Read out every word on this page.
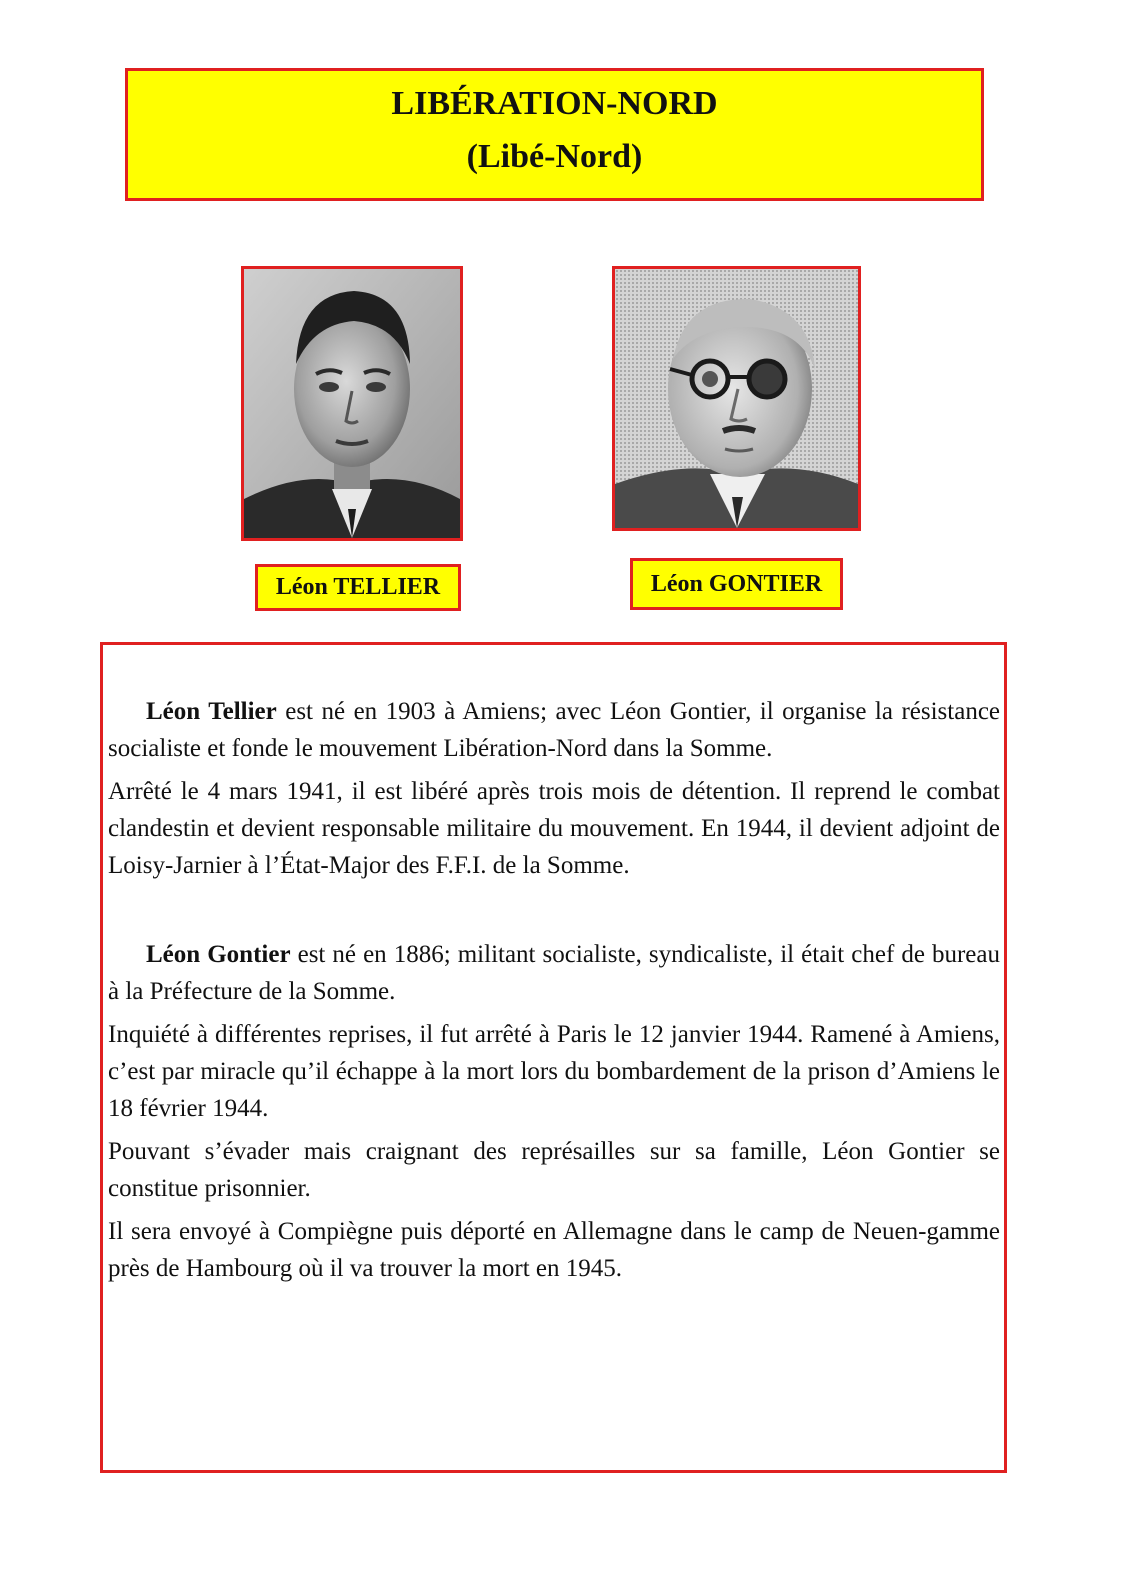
LIBÉRATION-NORD
(Libé-Nord)
Léon TELLIER	Léon GONTIER

Léon Tellier est né en 1903 à Amiens; avec Léon Gontier, il organise la résistance socialiste et fonde le mouvement Libération-Nord dans la Somme.

Arrêté le 4 mars 1941, il est libéré après trois mois de détention. Il reprend le combat clandestin et devient responsable militaire du mouvement. En 1944, il devient adjoint de Loisy-Jarnier à l’État-Major des F.F.I. de la Somme.

Léon Gontier est né en 1886; militant socialiste, syndicaliste, il était chef de bureau à la Préfecture de la Somme.

Inquiété à différentes reprises, il fut arrêté à Paris le 12 janvier 1944. Ramené à Amiens, c’est par miracle qu’il échappe à la mort lors du bombardement de la prison d’Amiens le 18 février 1944.

Pouvant s’évader mais craignant des représailles sur sa famille, Léon Gontier se constitue prisonnier.

Il sera envoyé à Compiègne puis déporté en Allemagne dans le camp de Neuen-gamme près de Hambourg où il va trouver la mort en 1945.
